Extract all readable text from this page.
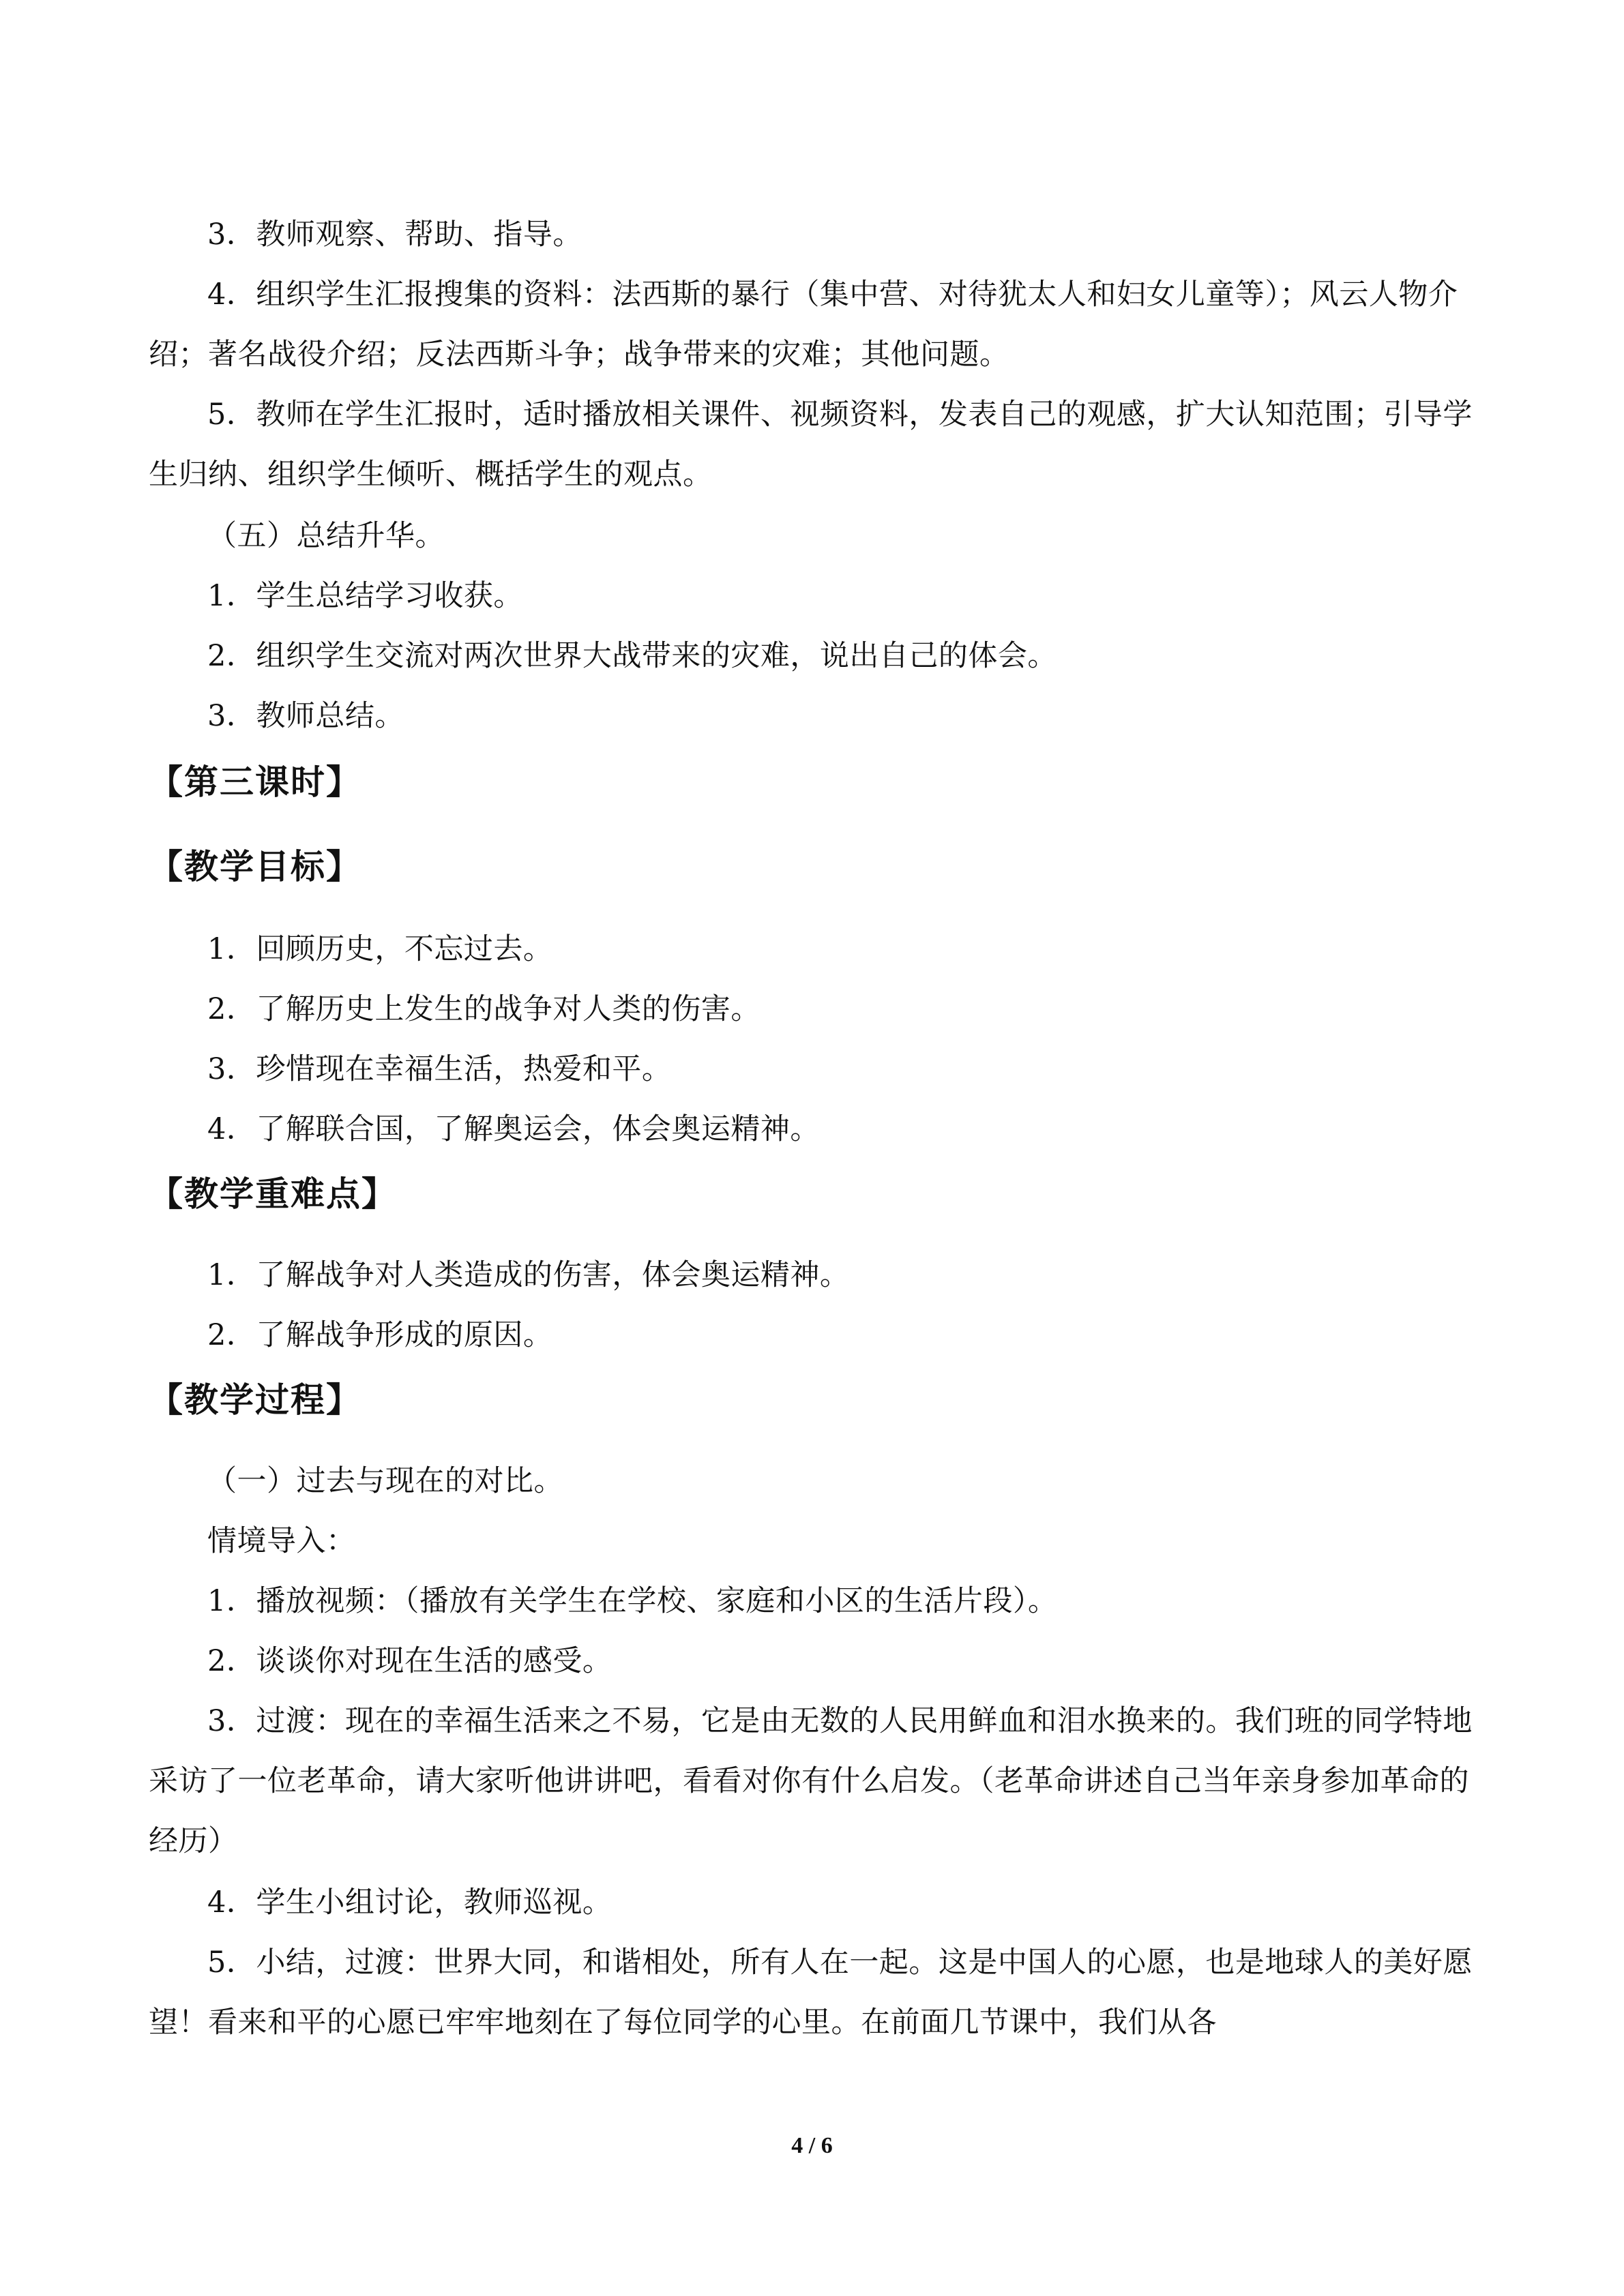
3．教师观察、帮助、指导。
4．组织学生汇报搜集的资料：法西斯的暴行（集中营、对待犹太人和妇女儿童等）；风云人物介绍；著名战役介绍；反法西斯斗争；战争带来的灾难；其他问题。
5．教师在学生汇报时，适时播放相关课件、视频资料，发表自己的观感，扩大认知范围；引导学生归纳、组织学生倾听、概括学生的观点。
（五）总结升华。
1．学生总结学习收获。
2．组织学生交流对两次世界大战带来的灾难，说出自己的体会。
3．教师总结。
【第三课时】
【教学目标】
1．回顾历史，不忘过去。
2．了解历史上发生的战争对人类的伤害。
3．珍惜现在幸福生活，热爱和平。
4．了解联合国，了解奥运会，体会奥运精神。
【教学重难点】
1．了解战争对人类造成的伤害，体会奥运精神。
2．了解战争形成的原因。
【教学过程】
（一）过去与现在的对比。
情境导入：
1．播放视频：（播放有关学生在学校、家庭和小区的生活片段）。
2．谈谈你对现在生活的感受。
3．过渡：现在的幸福生活来之不易，它是由无数的人民用鲜血和泪水换来的。我们班的同学特地采访了一位老革命，请大家听他讲讲吧，看看对你有什么启发。（老革命讲述自己当年亲身参加革命的经历）
4．学生小组讨论，教师巡视。
5．小结，过渡：世界大同，和谐相处，所有人在一起。这是中国人的心愿，也是地球人的美好愿望！看来和平的心愿已牢牢地刻在了每位同学的心里。在前面几节课中，我们从各
4 / 6
